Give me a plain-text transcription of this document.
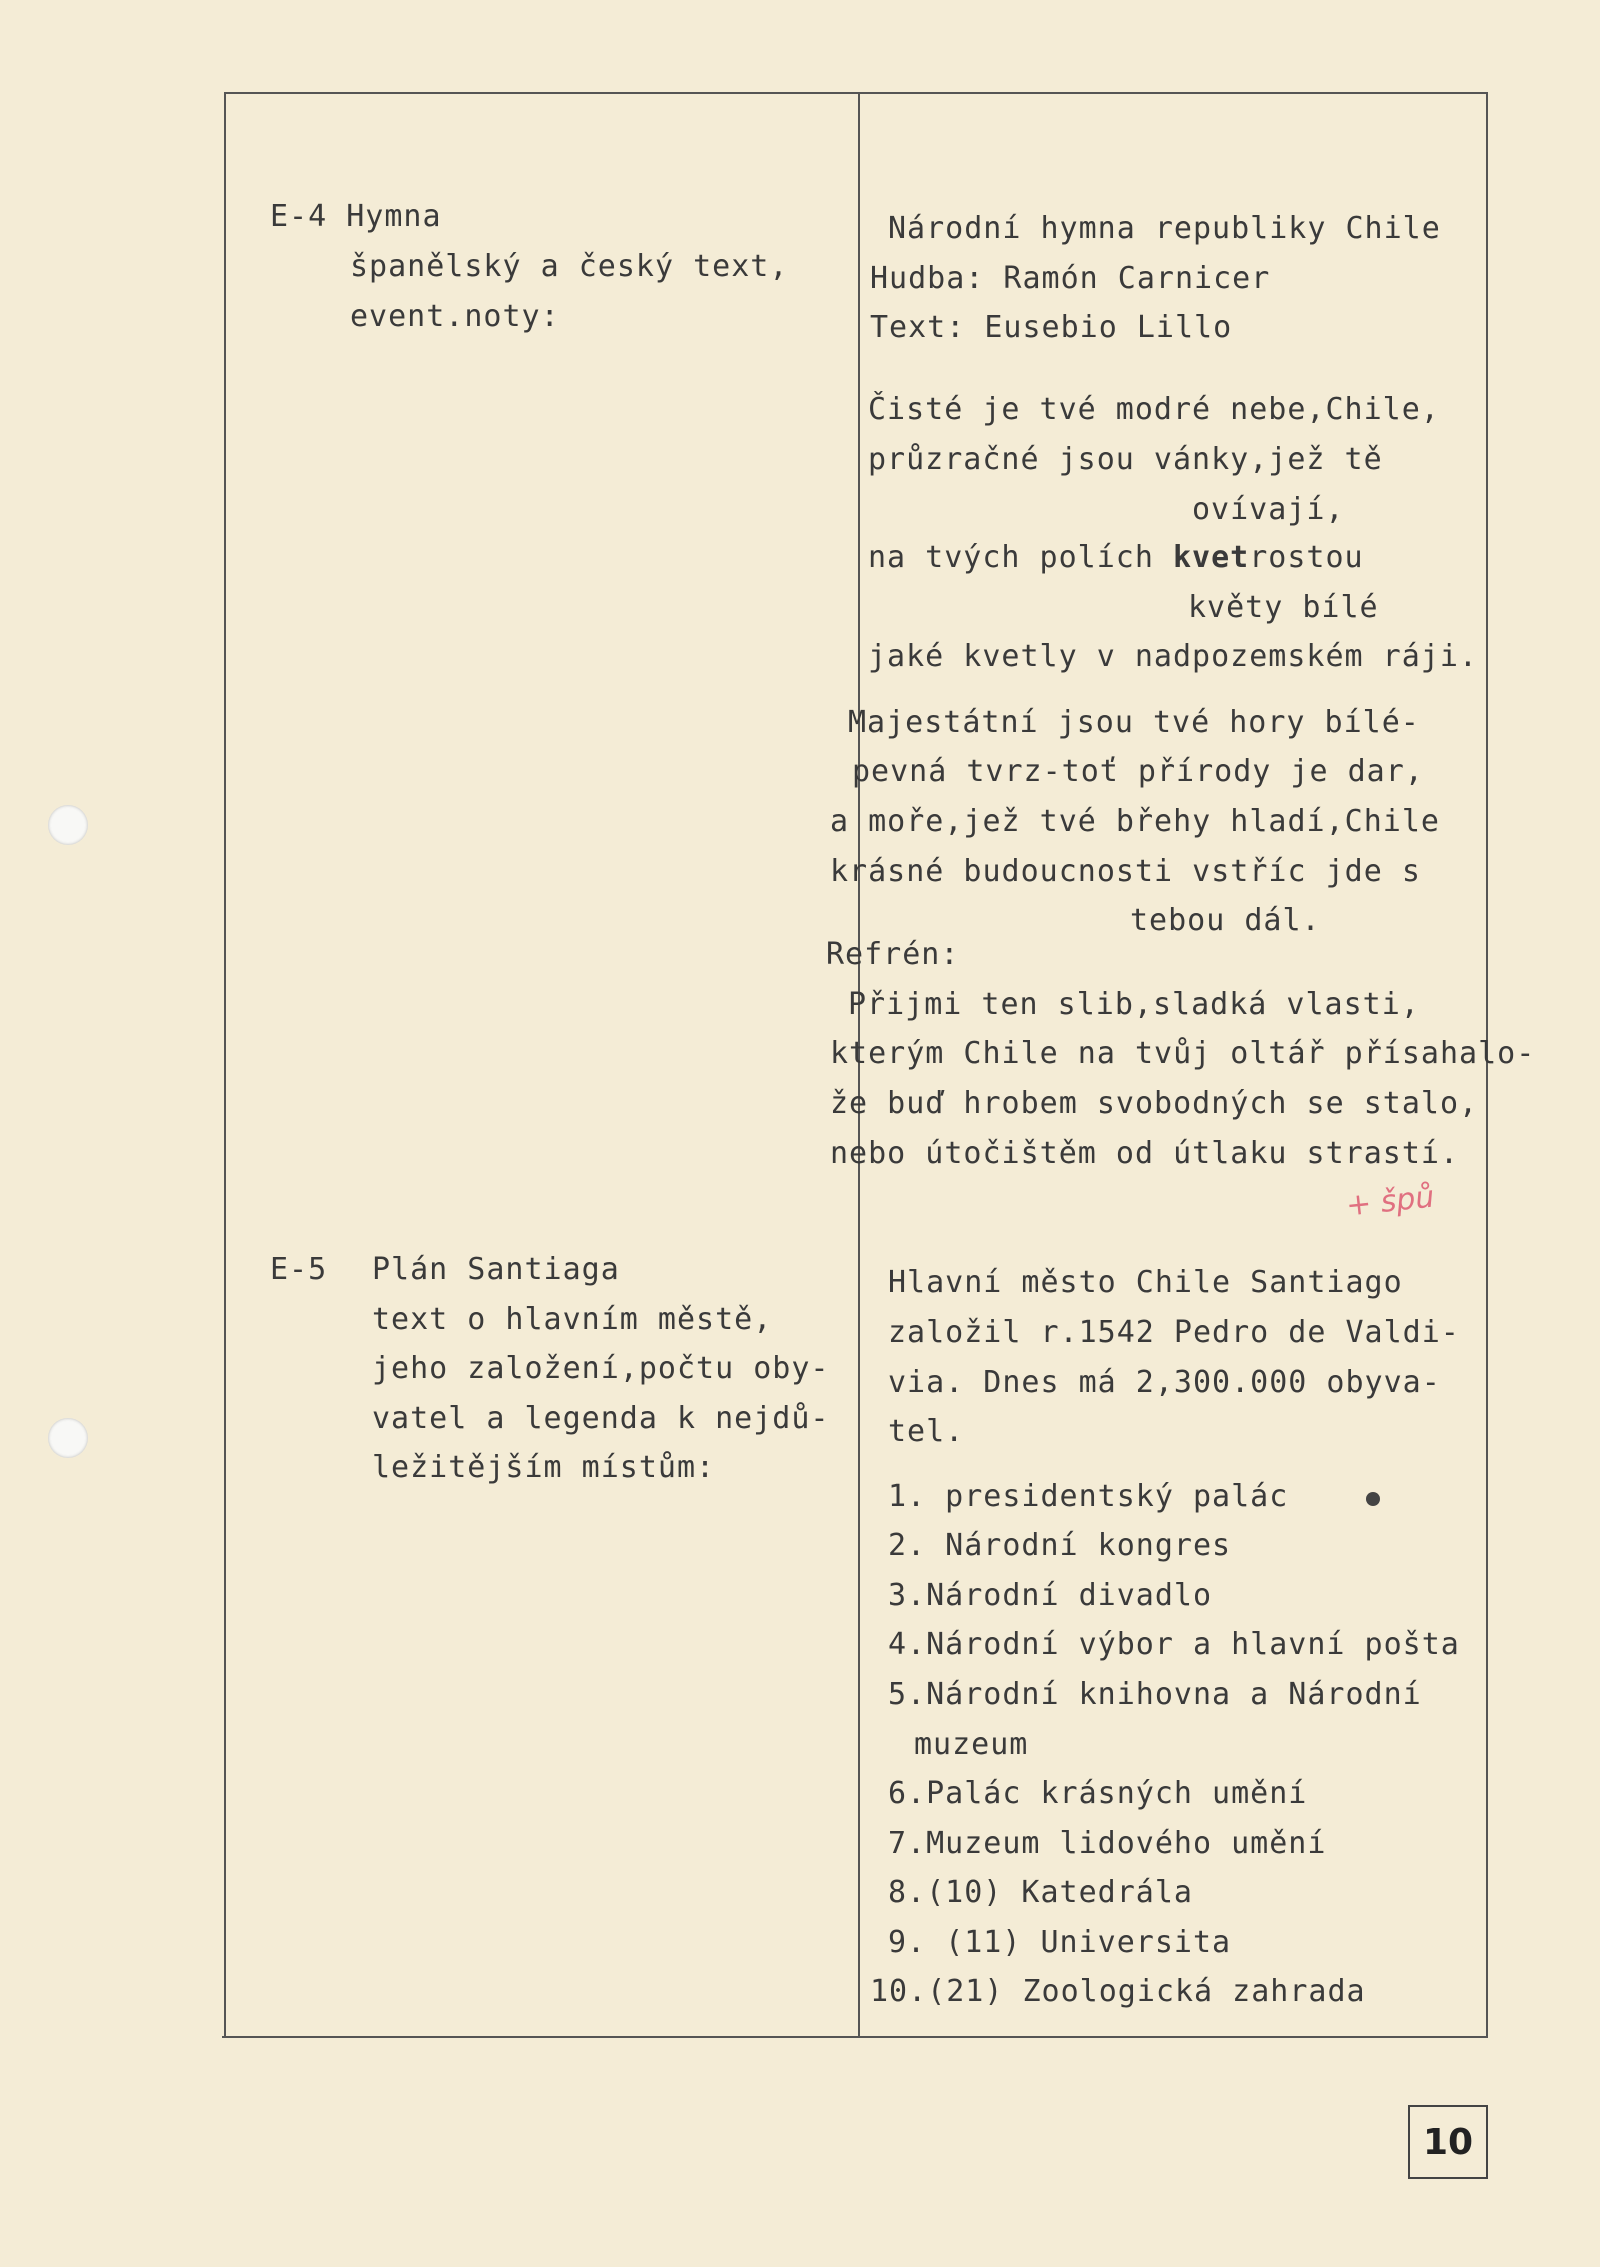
E-4 Hymna
španělský a český text,
event.noty:
E-5 Plán Santiaga
text o hlavním městě,
jeho založení,počtu oby-
vatel a legenda k nejdů-
ležitějším místům:
Národní hymna republiky Chile
Hudba: Ramón Carnicer
Text: Eusebio Lillo
Čisté je tvé modré nebe,Chile,
průzračné jsou vánky,jež tě
ovívají,
na tvých polích kvetrostou
květy bílé
jaké kvetly v nadpozemském ráji.
Majestátní jsou tvé hory bílé-
pevná tvrz-toť přírody je dar,
a moře,jež tvé břehy hladí,Chile
krásné budoucnosti vstříc jde s
tebou dál.
Refrén:
Přijmi ten slib,sladká vlasti,
kterým Chile na tvůj oltář přísahalo-
že buď hrobem svobodných se stalo,
nebo útočištěm od útlaku strastí.
+ špů
Hlavní město Chile Santiago
založil r.1542 Pedro de Valdi-
via. Dnes má 2,300.000 obyva-
tel.
1. presidentský palác
2. Národní kongres
3.Národní divadlo
4.Národní výbor a hlavní pošta
5.Národní knihovna a Národní
muzeum
6.Palác krásných umění
7.Muzeum lidového umění
8.(10) Katedrála
9. (11) Universita
10.(21) Zoologická zahrada
10
